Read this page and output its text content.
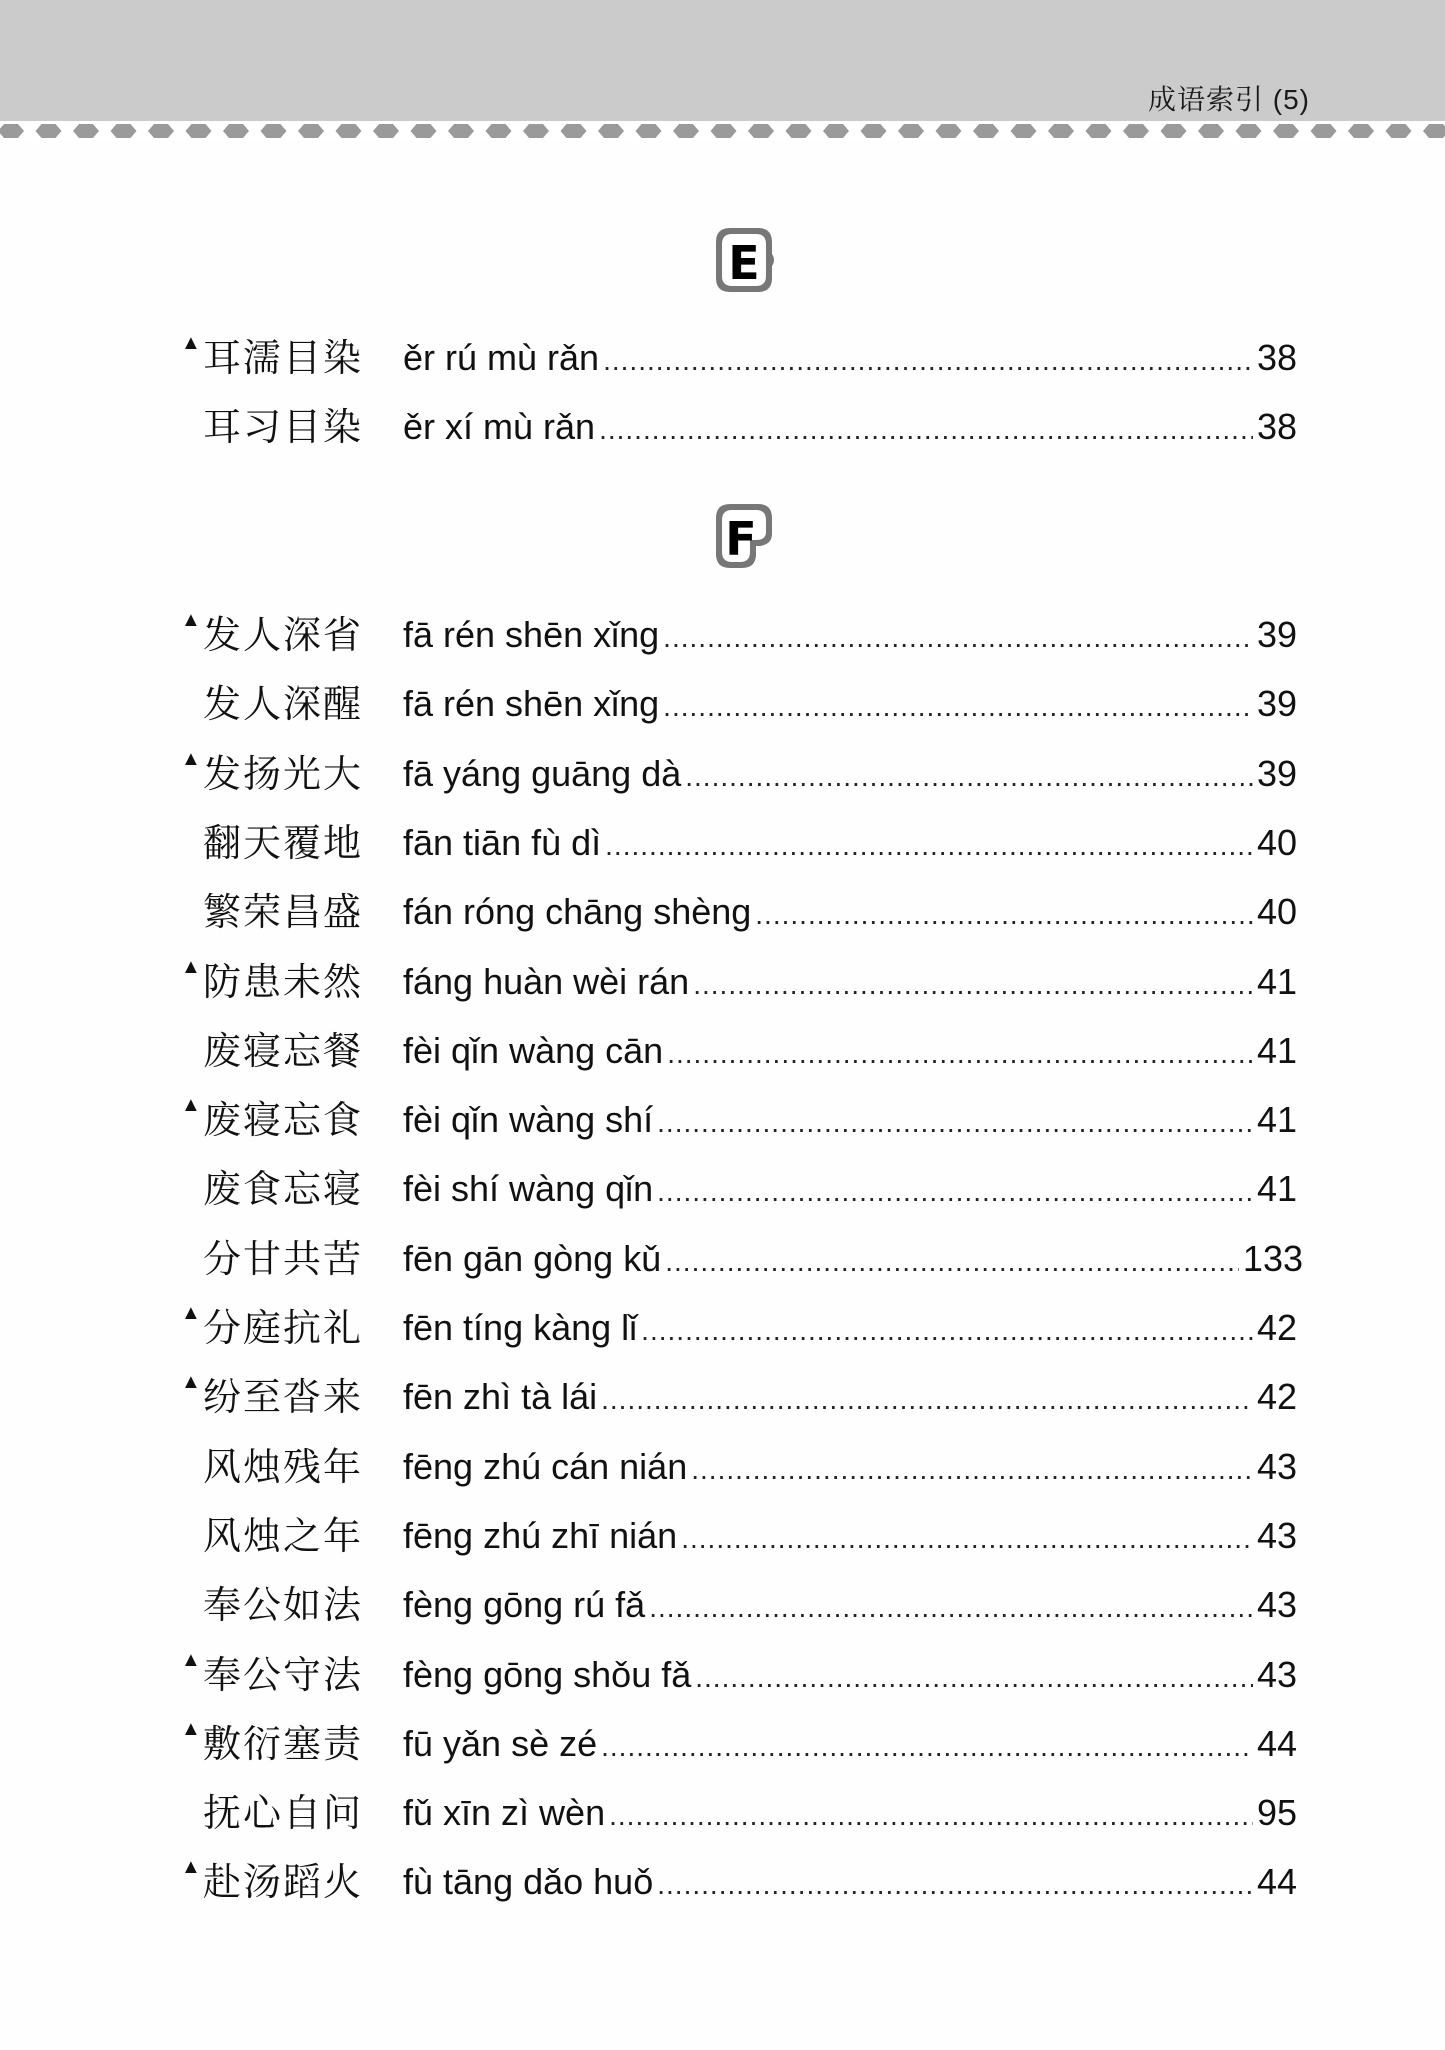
成语索引 (5)
E
F
▲ 耳濡目染 ěr rú mù rǎn .....	38
耳习目染 ěr xí mù rǎn .....	38
▲ 发人深省 fā rén shēn xǐng .....	39
发人深醒 fā rén shēn xǐng .....	39
▲ 发扬光大 fā yáng guāng dà .....	39
翻天覆地 fān tiān fù dì .....	40
繁荣昌盛 fán róng chāng shèng .....	40
▲ 防患未然 fáng huàn wèi rán .....	41
废寝忘餐 fèi qǐn wàng cān .....	41
▲ 废寝忘食 fèi qǐn wàng shí .....	41
废食忘寝 fèi shí wàng qǐn .....	41
分甘共苦 fēn gān gòng kǔ .....	133
▲ 分庭抗礼 fēn tíng kàng lǐ .....	42
▲ 纷至沓来 fēn zhì tà lái .....	42
风烛残年 fēng zhú cán nián .....	43
风烛之年 fēng zhú zhī nián .....	43
奉公如法 fèng gōng rú fǎ .....	43
▲ 奉公守法 fèng gōng shǒu fǎ .....	43
▲ 敷衍塞责 fū yǎn sè zé .....	44
抚心自问 fǔ xīn zì wèn .....	95
▲ 赴汤蹈火 fù tāng dǎo huǒ .....	44
